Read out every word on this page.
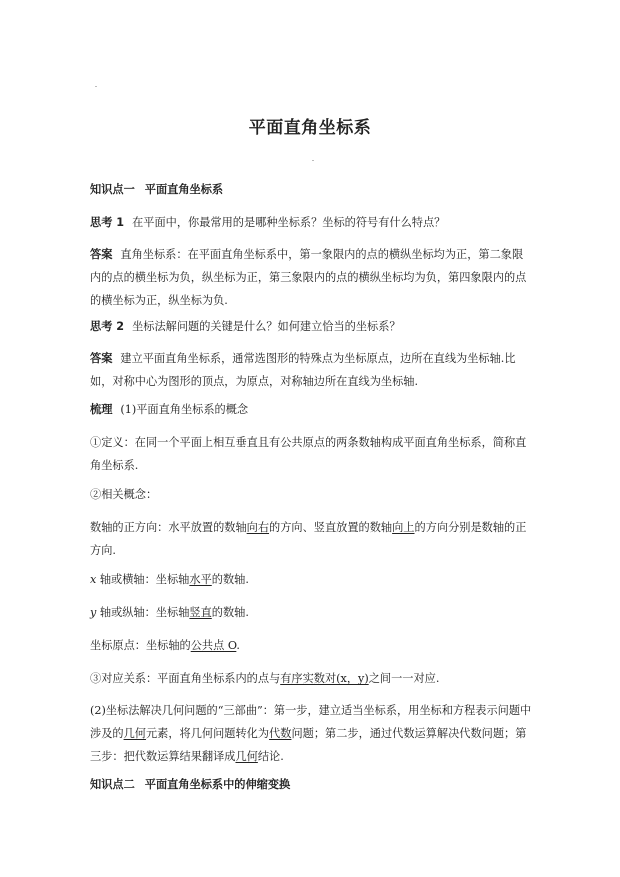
平面直角坐标系

知识点一 平面直角坐标系

思考 1 在平面中，你最常用的是哪种坐标系？坐标的符号有什么特点？

答案 直角坐标系：在平面直角坐标系中，第一象限内的点的横纵坐标均为正，第二象限内的点的横坐标为负，纵坐标为正，第三象限内的点的横纵坐标均为负，第四象限内的点的横坐标为正，纵坐标为负.

思考 2 坐标法解问题的关键是什么？如何建立恰当的坐标系？

答案 建立平面直角坐标系，通常选图形的特殊点为坐标原点，边所在直线为坐标轴.比如，对称中心为图形的顶点，为原点，对称轴边所在直线为坐标轴.

梳理 (1)平面直角坐标系的概念

①定义：在同一个平面上相互垂直且有公共原点的两条数轴构成平面直角坐标系，简称直角坐标系.

②相关概念：

数轴的正方向：水平放置的数轴向右的方向、竖直放置的数轴向上的方向分别是数轴的正方向.

x 轴或横轴：坐标轴水平的数轴.

y 轴或纵轴：坐标轴竖直的数轴.

坐标原点：坐标轴的公共点 O.

③对应关系：平面直角坐标系内的点与有序实数对(x，y)之间一一对应.

(2)坐标法解决几何问题的“三部曲”：第一步，建立适当坐标系，用坐标和方程表示问题中涉及的几何元素，将几何问题转化为代数问题；第二步，通过代数运算解决代数问题；第三步：把代数运算结果翻译成几何结论.

知识点二 平面直角坐标系中的伸缩变换
